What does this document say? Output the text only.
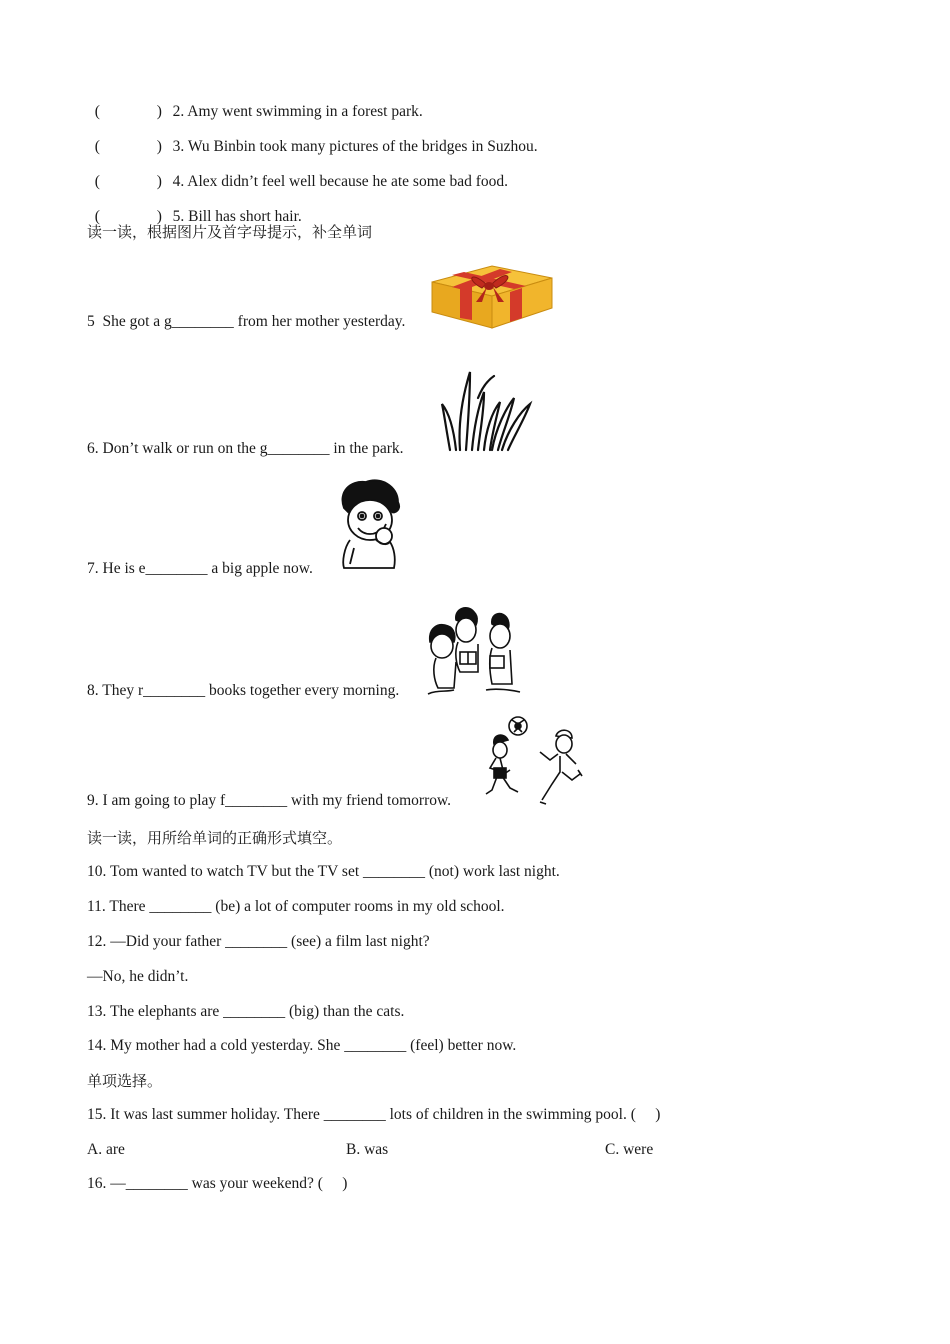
(	) 2. Amy went swimming in a forest park.

(	) 3. Wu Binbin took many pictures of the bridges in Suzhou.

(	) 4. Alex didn’t feel well because he ate some bad food.

(	) 5. Bill has short hair.

读一读，根据图片及首字母提示，补全单词
5  She got a g________ from her mother yesterday.
6. Don’t walk or run on the g________ in the park.
7. He is e________ a big apple now.
8. They r________ books together every morning.
9. I am going to play f________ with my friend tomorrow.
读一读，用所给单词的正确形式填空。
10. Tom wanted to watch TV but the TV set ________ (not) work last night.
11. There ________ (be) a lot of computer rooms in my old school.
12. —Did your father ________ (see) a film last night?
—No, he didn’t.
13. The elephants are ________ (big) than the cats.
14. My mother had a cold yesterday. She ________ (feel) better now.
单项选择。
15. It was last summer holiday. There ________ lots of children in the swimming pool. (     )
A. are	B. was	C. were
16. —________ was your weekend? (     )
